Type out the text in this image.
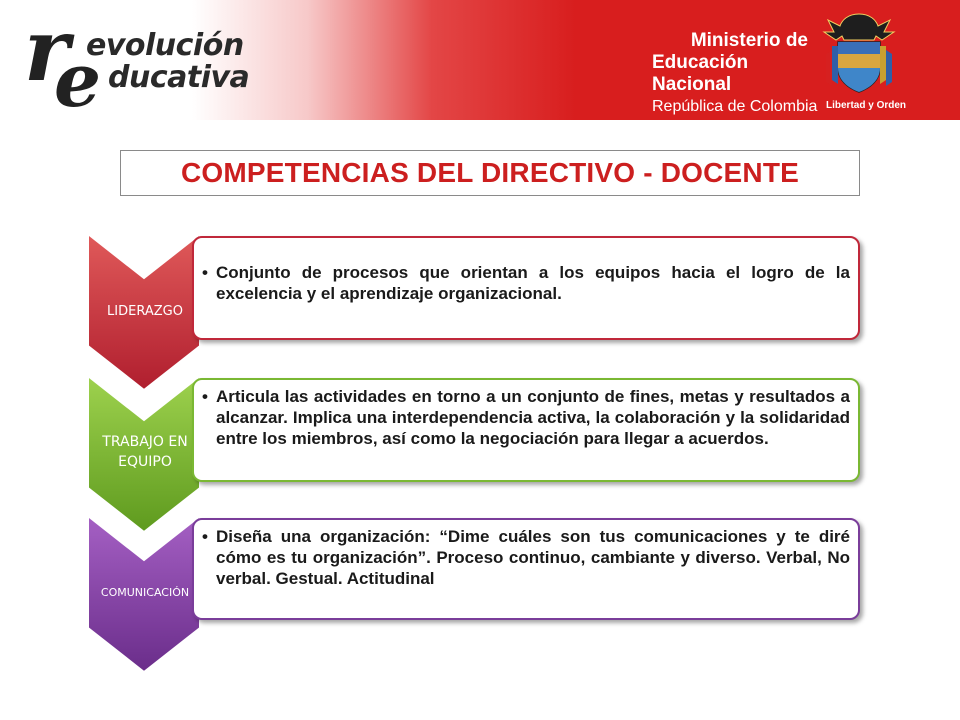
r
e
evolución
ducativa
Ministerio de
Educación Nacional
República de Colombia Libertad y Orden
COMPETENCIAS DEL DIRECTIVO - DOCENTE
LIDERAZGO
• Conjunto de procesos que orientan a los equipos hacia el logro de la excelencia y el aprendizaje organizacional.
TRABAJO EN EQUIPO
• Articula las actividades en torno a un conjunto de fines, metas y resultados a alcanzar. Implica una interdependencia activa, la colaboración y la solidaridad entre los miembros, así como la negociación para llegar a acuerdos.
COMUNICACIÓN
• Diseña una organización: “Dime cuáles son tus comunicaciones y te diré cómo es tu organización”. Proceso continuo, cambiante y diverso. Verbal, No verbal. Gestual. Actitudinal
